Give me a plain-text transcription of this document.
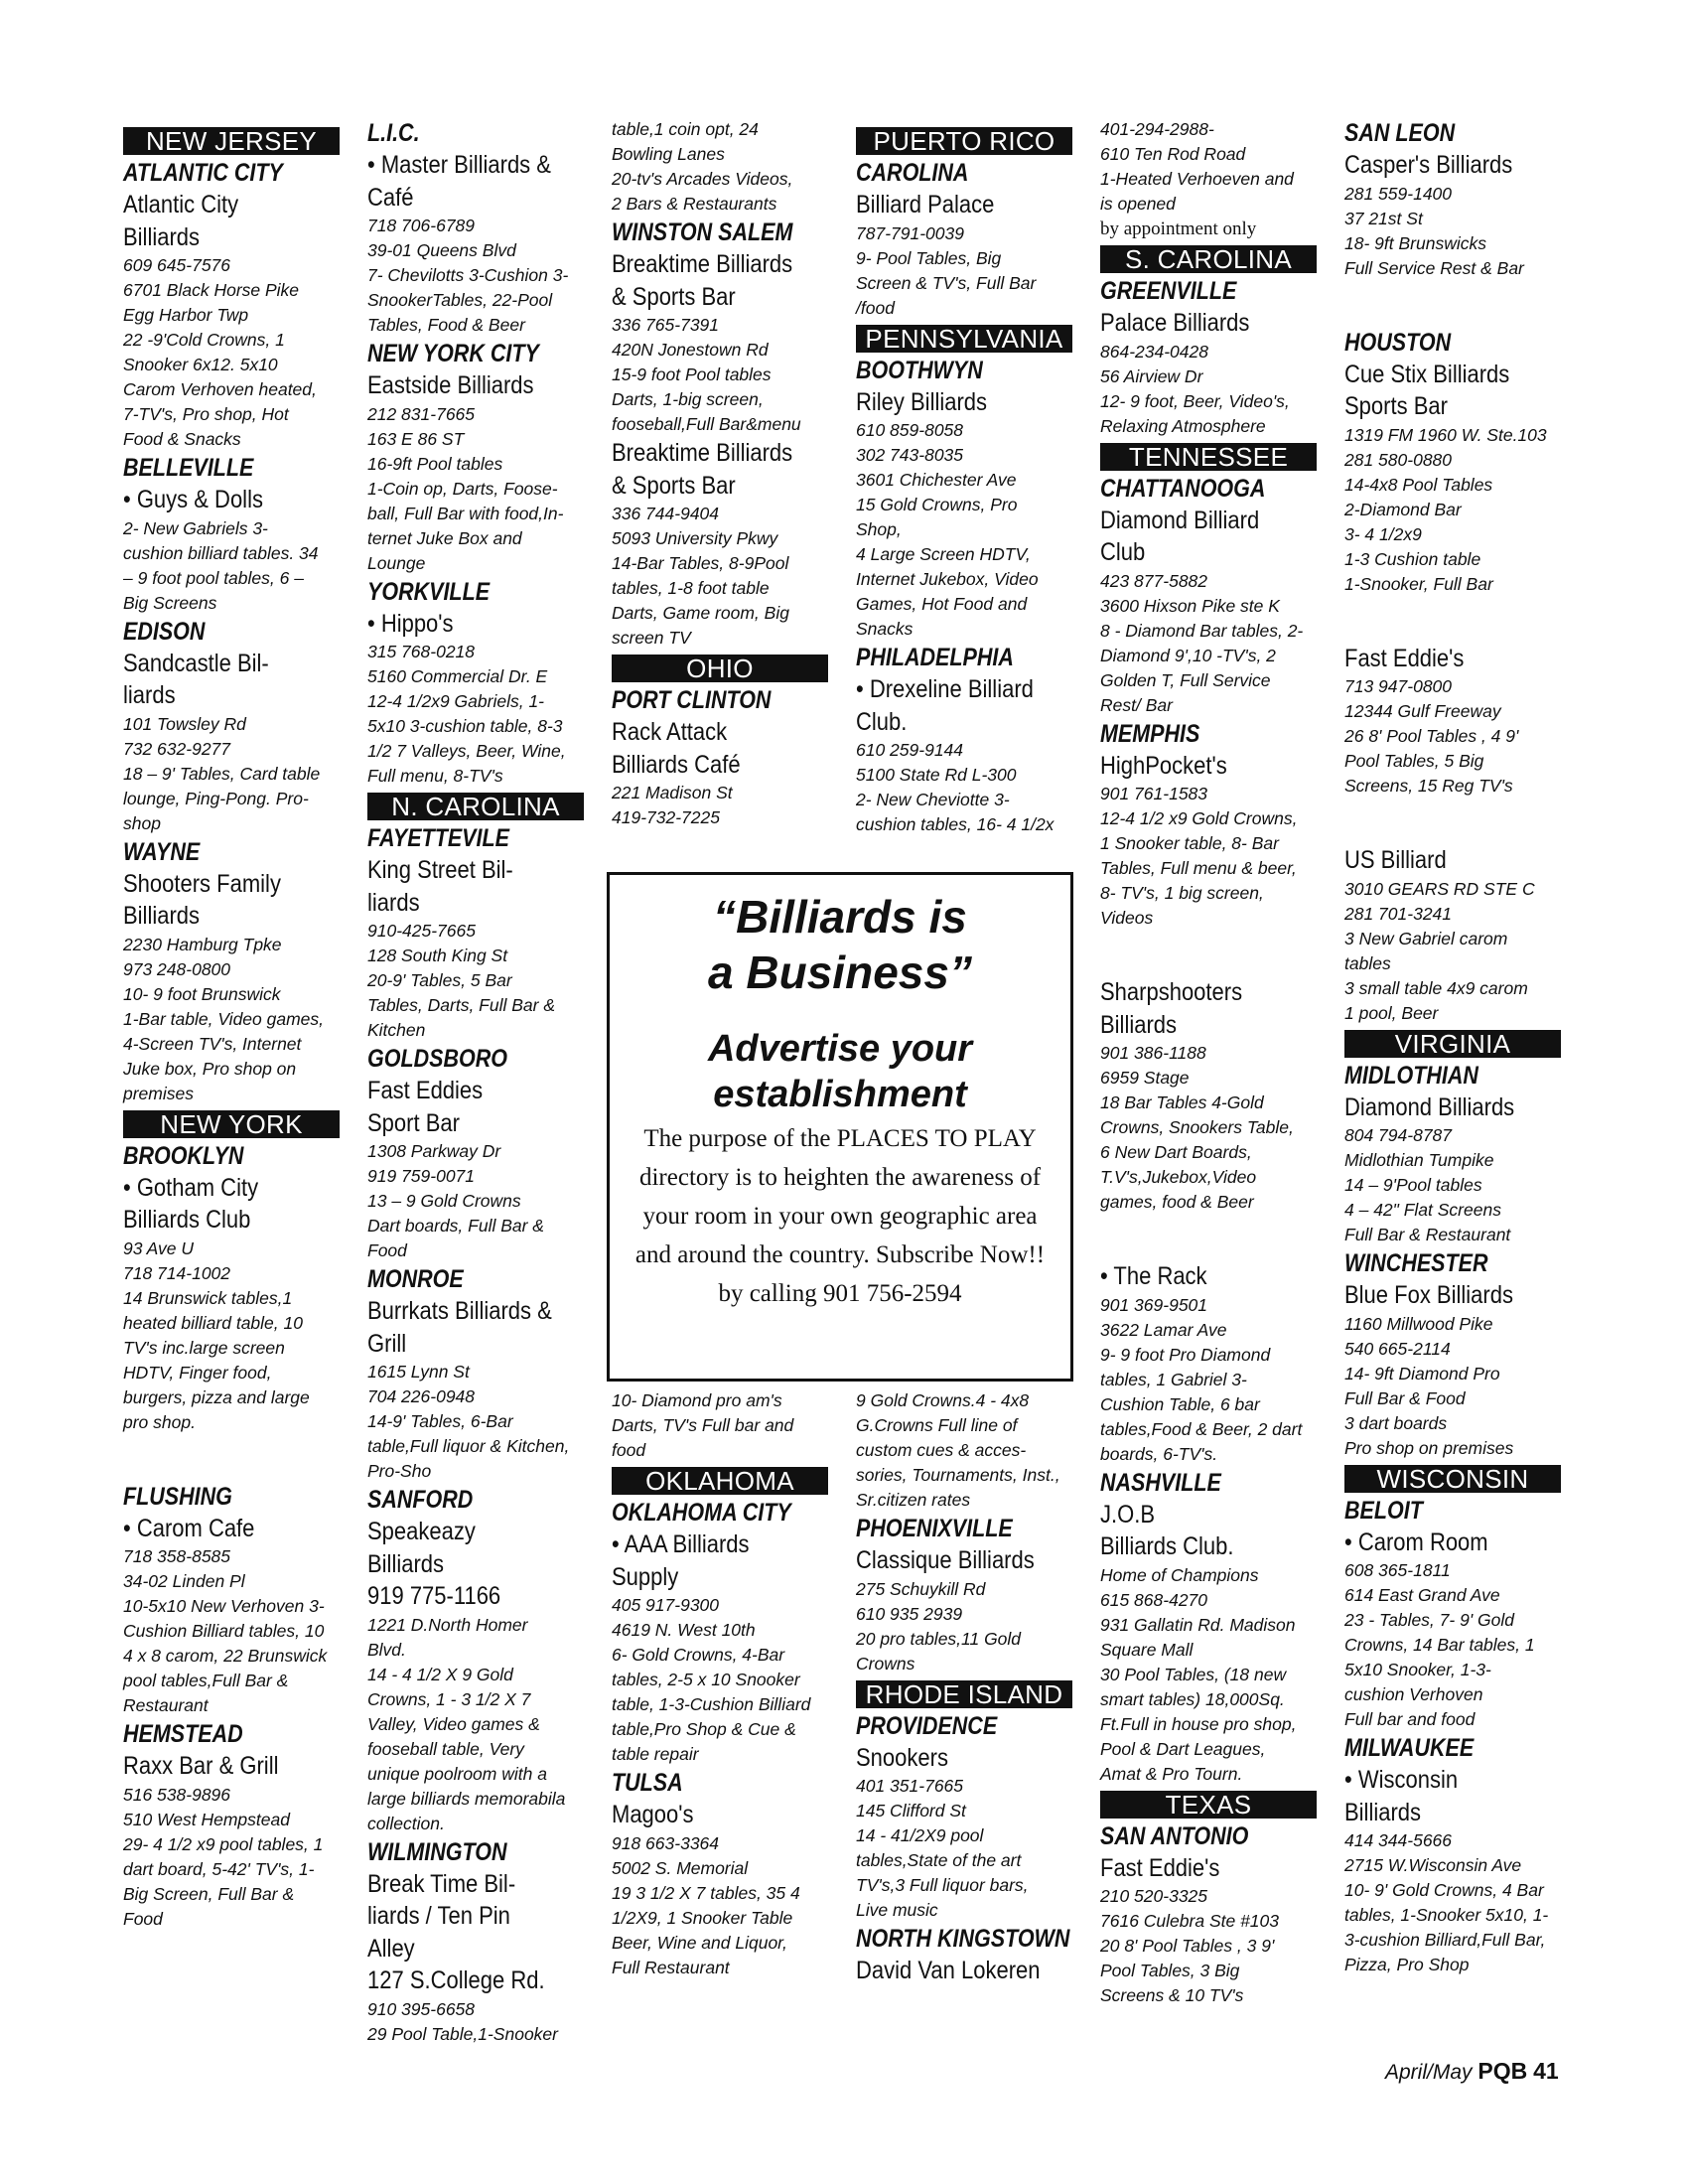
NEW JERSEY
ATLANTIC CITY
Atlantic City
Billiards
609 645-7576
6701 Black Horse Pike
Egg Harbor Twp
22 -9'Cold Crowns, 1
Snooker 6x12. 5x10
Carom Verhoven heated,
7-TV's, Pro shop, Hot
Food & Snacks
BELLEVILLE
• Guys & Dolls
2- New Gabriels 3-
cushion billiard tables. 34
– 9 foot pool tables, 6 –
Big Screens
EDISON
Sandcastle Bil-
liards
101 Towsley Rd
732 632-9277
18 – 9' Tables, Card table
lounge, Ping-Pong. Pro-
shop
WAYNE
Shooters Family
Billiards
2230 Hamburg Tpke
973 248-0800
10- 9 foot Brunswick
1-Bar table, Video games,
4-Screen TV's, Internet
Juke box, Pro shop on
premises
NEW YORK
BROOKLYN
• Gotham City
Billiards Club
93 Ave U
718 714-1002
14 Brunswick tables,1
heated billiard table, 10
TV's inc.large screen
HDTV, Finger food,
burgers, pizza and large
pro shop.
FLUSHING
• Carom Cafe
718 358-8585
34-02 Linden Pl
10-5x10 New Verhoven 3-
Cushion Billiard tables, 10
4 x 8 carom, 22 Brunswick
pool tables,Full Bar &
Restaurant
HEMSTEAD
Raxx Bar & Grill
516 538-9896
510 West Hempstead
29- 4 1/2 x9 pool tables, 1
dart board, 5-42' TV's, 1-
Big Screen, Full Bar &
Food
L.I.C.
• Master Billiards &
Café
718 706-6789
39-01 Queens Blvd
7- Chevilotts 3-Cushion 3-
SnookerTables, 22-Pool
Tables, Food & Beer
NEW YORK CITY
Eastside Billiards
212 831-7665
163 E 86 ST
16-9ft Pool tables
1-Coin op, Darts, Foose-
ball, Full Bar with food,In-
ternet Juke Box and
Lounge
YORKVILLE
• Hippo's
315 768-0218
5160 Commercial Dr. E
12-4 1/2x9 Gabriels, 1-
5x10 3-cushion table, 8-3
1/2 7 Valleys, Beer, Wine,
Full menu, 8-TV's
N. CAROLINA
FAYETTEVILE
King Street Bil-
liards
910-425-7665
128 South King St
20-9' Tables, 5 Bar
Tables, Darts, Full Bar &
Kitchen
GOLDSBORO
Fast Eddies
Sport Bar
1308 Parkway Dr
919 759-0071
13 – 9 Gold Crowns
Dart boards, Full Bar &
Food
MONROE
Burrkats Billiards &
Grill
1615 Lynn St
704 226-0948
14-9' Tables, 6-Bar
table,Full liquor & Kitchen,
Pro-Sho
SANFORD
Speakeazy Billiards
919 775-1166
1221 D.North Homer
Blvd.
14 - 4 1/2 X 9 Gold
Crowns, 1 - 3 1/2 X 7
Valley, Video games &
fooseball table, Very
unique poolroom with a
large billiards memorabila
collection.
WILMINGTON
Break Time Bil-
liards / Ten Pin
Alley
127 S.College Rd.
910 395-6658
29 Pool Table,1-Snooker
table,1 coin opt, 24
Bowling Lanes
20-tv's Arcades Videos,
2 Bars & Restaurants
WINSTON SALEM
Breaktime Billiards
& Sports Bar
336 765-7391
420N Jonestown Rd
15-9 foot Pool tables
Darts, 1-big screen,
fooseball,Full Bar&menu
Breaktime Billiards
& Sports Bar
336 744-9404
5093 University Pkwy
14-Bar Tables, 8-9Pool
tables, 1-8 foot table
Darts, Game room, Big
screen TV
OHIO
PORT CLINTON
Rack Attack
Billiards Café
221 Madison St
419-732-7225
PUERTO RICO
CAROLINA
Billiard Palace
787-791-0039
9- Pool Tables, Big
Screen & TV's, Full Bar
/food
PENNSYLVANIA
BOOTHWYN
Riley Billiards
610 859-8058
302 743-8035
3601 Chichester Ave
15 Gold Crowns, Pro
Shop,
4 Large Screen HDTV,
Internet Jukebox, Video
Games, Hot Food and
Snacks
PHILADELPHIA
• Drexeline Billiard
Club.
610 259-9144
5100 State Rd L-300
2- New Cheviotte 3-
cushion tables, 16- 4 1/2x
401-294-2988-
610 Ten Rod Road
1-Heated Verhoeven and
is opened
by appointment only
S. CAROLINA
GREENVILLE
Palace Billiards
864-234-0428
56 Airview Dr
12- 9 foot, Beer, Video's,
Relaxing Atmosphere
TENNESSEE
CHATTANOOGA
Diamond Billiard
Club
423 877-5882
3600 Hixson Pike ste K
8 - Diamond Bar tables, 2-
Diamond 9',10 -TV's, 2
Golden T, Full Service
Rest/ Bar
MEMPHIS
HighPocket's
901 761-1583
12-4 1/2 x9 Gold Crowns,
1 Snooker table, 8- Bar
Tables, Full menu & beer,
8- TV's, 1 big screen,
Videos
Sharpshooters
Billiards
901 386-1188
6959 Stage
18 Bar Tables 4-Gold
Crowns, Snookers Table,
6 New Dart Boards,
T.V's,Jukebox,Video
games, food & Beer
• The Rack
901 369-9501
3622 Lamar Ave
9- 9 foot Pro Diamond
tables, 1 Gabriel 3-
Cushion Table, 6 bar
tables,Food & Beer, 2 dart
boards, 6-TV's.
NASHVILLE
J.O.B
Billiards Club.
Home of Champions
615 868-4270
931 Gallatin Rd. Madison
Square Mall
30 Pool Tables, (18 new
smart tables) 18,000Sq.
Ft.Full in house pro shop,
Pool & Dart Leagues,
Amat & Pro Tourn.
TEXAS
SAN ANTONIO
Fast Eddie's
210 520-3325
7616 Culebra Ste #103
20 8' Pool Tables , 3 9'
Pool Tables, 3 Big
Screens & 10 TV's
SAN LEON
Casper's Billiards
281 559-1400
37 21st St
18- 9ft Brunswicks
Full Service Rest & Bar
HOUSTON
Cue Stix Billiards
Sports Bar
1319 FM 1960 W. Ste.103
281 580-0880
14-4x8 Pool Tables
2-Diamond Bar
3- 4 1/2x9
1-3 Cushion table
1-Snooker, Full Bar
Fast Eddie's
713 947-0800
12344 Gulf Freeway
26 8' Pool Tables , 4 9'
Pool Tables, 5 Big
Screens, 15 Reg TV's
US Billiard
3010 GEARS RD STE C
281 701-3241
3 New Gabriel carom
tables
3 small table 4x9 carom
1 pool, Beer
VIRGINIA
MIDLOTHIAN
Diamond Billiards
804 794-8787
Midlothian Tumpike
14 – 9'Pool tables
4 – 42" Flat Screens
Full Bar & Restaurant
WINCHESTER
Blue Fox Billiards
1160 Millwood Pike
540 665-2114
14- 9ft Diamond Pro
Full Bar & Food
3 dart boards
Pro shop on premises
WISCONSIN
BELOIT
• Carom Room
608 365-1811
614 East Grand Ave
23 - Tables, 7- 9' Gold
Crowns, 14 Bar tables, 1
5x10 Snooker, 1-3-
cushion Verhoven
Full bar and food
MILWAUKEE
• Wisconsin
Billiards
414 344-5666
2715 W.Wisconsin Ave
10- 9' Gold Crowns, 4 Bar
tables, 1-Snooker 5x10, 1-
3-cushion Billiard,Full Bar,
Pizza, Pro Shop
10- Diamond pro am's
Darts, TV's Full bar and
food
OKLAHOMA
OKLAHOMA CITY
• AAA Billiards
Supply
405 917-9300
4619 N. West 10th
6- Gold Crowns, 4-Bar
tables, 2-5 x 10 Snooker
table, 1-3-Cushion Billiard
table,Pro Shop & Cue &
table repair
TULSA
Magoo's
918 663-3364
5002 S. Memorial
19 3 1/2 X 7 tables, 35 4
1/2X9, 1 Snooker Table
Beer, Wine and Liquor,
Full Restaurant
9 Gold Crowns.4 - 4x8
G.Crowns Full line of
custom cues & acces-
sories, Tournaments, Inst.,
Sr.citizen rates
PHOENIXVILLE
Classique Billiards
275 Schuykill Rd
610 935 2939
20 pro tables,11 Gold
Crowns
RHODE ISLAND
PROVIDENCE
Snookers
401 351-7665
145 Clifford St
14 - 41/2X9 pool
tables,State of the art
TV's,3 Full liquor bars,
Live music
NORTH KINGSTOWN
David Van Lokeren
“Billiards is
a Business”
Advertise your
establishment
The purpose of the PLACES TO PLAY directory is to heighten the awareness of your room in your own geographic area and around the country. Subscribe Now!! by calling 901 756-2594
April/May PQB 41
